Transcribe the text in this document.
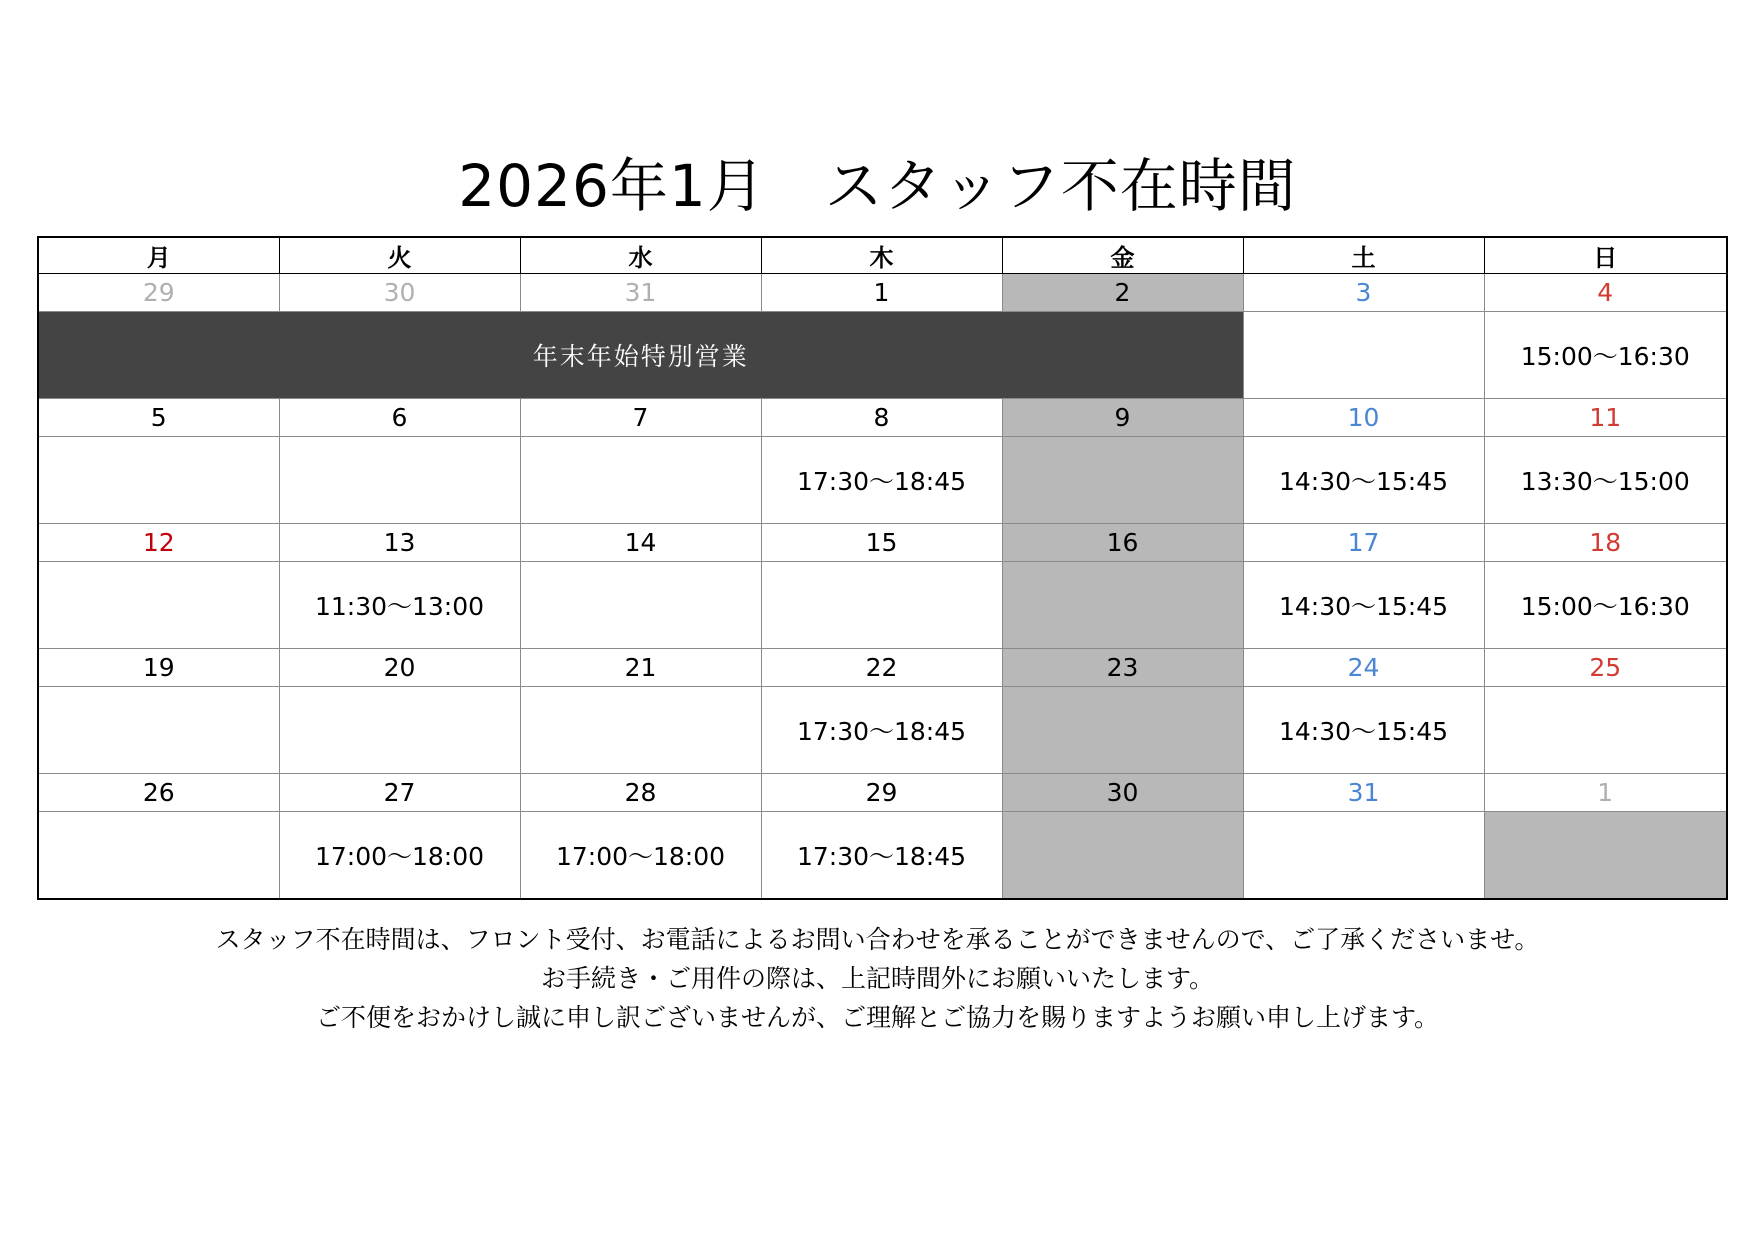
2026年1月　スタッフ不在時間
月	火	水	木	金	土	日
29	30	31	1	2	3	4
年末年始特別営業						15:00〜16:30
5	6	7	8	9	10	11
			17:30〜18:45		14:30〜15:45	13:30〜15:00
12	13	14	15	16	17	18
	11:30〜13:00				14:30〜15:45	15:00〜16:30
19	20	21	22	23	24	25
			17:30〜18:45		14:30〜15:45	
26	27	28	29	30	31	1
	17:00〜18:00	17:00〜18:00	17:30〜18:45			
スタッフ不在時間は、フロント受付、お電話によるお問い合わせを承ることができませんので、ご了承くださいませ。
お手続き・ご用件の際は、上記時間外にお願いいたします。
ご不便をおかけし誠に申し訳ございませんが、ご理解とご協力を賜りますようお願い申し上げます。
